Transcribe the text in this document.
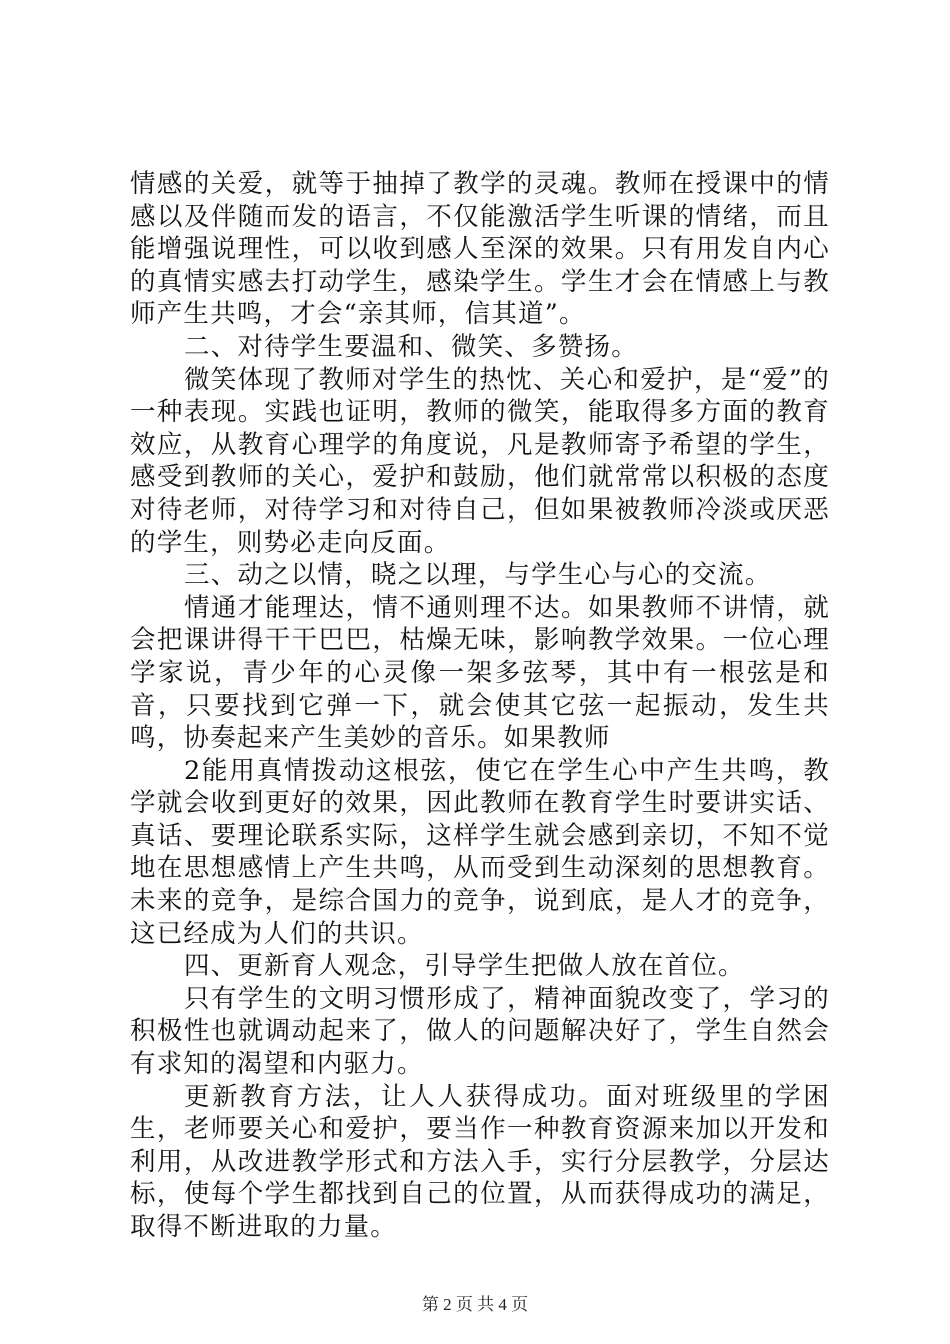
情感的关爱，就等于抽掉了教学的灵魂。教师在授课中的情感以及伴随而发的语言，不仅能激活学生听课的情绪，而且能增强说理性，可以收到感人至深的效果。只有用发自内心的真情实感去打动学生，感染学生。学生才会在情感上与教师产生共鸣，才会“亲其师，信其道”。

二、对待学生要温和、微笑、多赞扬。

微笑体现了教师对学生的热忱、关心和爱护，是“爱”的一种表现。实践也证明，教师的微笑，能取得多方面的教育效应，从教育心理学的角度说，凡是教师寄予希望的学生，感受到教师的关心，爱护和鼓励，他们就常常以积极的态度对待老师，对待学习和对待自己，但如果被教师冷淡或厌恶的学生，则势必走向反面。

三、动之以情，晓之以理，与学生心与心的交流。

情通才能理达，情不通则理不达。如果教师不讲情，就会把课讲得干干巴巴，枯燥无味，影响教学效果。一位心理学家说，青少年的心灵像一架多弦琴，其中有一根弦是和音，只要找到它弹一下，就会使其它弦一起振动，发生共鸣，协奏起来产生美妙的音乐。如果教师

2能用真情拨动这根弦，使它在学生心中产生共鸣，教学就会收到更好的效果，因此教师在教育学生时要讲实话、真话、要理论联系实际，这样学生就会感到亲切，不知不觉地在思想感情上产生共鸣，从而受到生动深刻的思想教育。未来的竞争，是综合国力的竞争，说到底，是人才的竞争，这已经成为人们的共识。

四、更新育人观念，引导学生把做人放在首位。

只有学生的文明习惯形成了，精神面貌改变了，学习的积极性也就调动起来了，做人的问题解决好了，学生自然会有求知的渴望和内驱力。

更新教育方法，让人人获得成功。面对班级里的学困生，老师要关心和爱护，要当作一种教育资源来加以开发和利用，从改进教学形式和方法入手，实行分层教学，分层达标，使每个学生都找到自己的位置，从而获得成功的满足，取得不断进取的力量。

第 2 页 共 4 页
